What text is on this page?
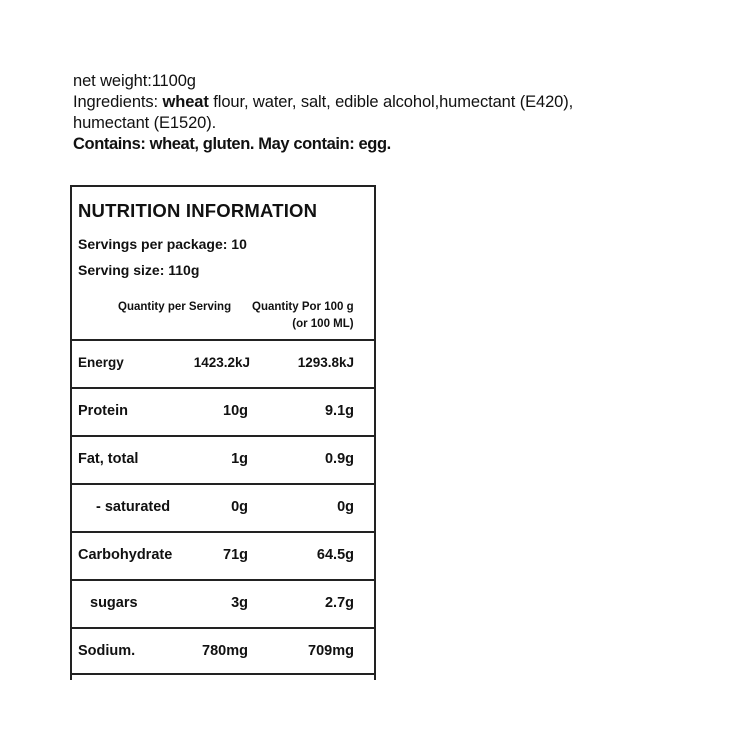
net weight:1100g
Ingredients: wheat flour, water, salt, edible alcohol,humectant (E420),
humectant (E1520).
Contains: wheat, gluten. May contain: egg.
NUTRITION INFORMATION
Servings per package: 10
Serving size: 110g
Quantity per Serving Quantity Por 100 g
(or 100 ML)
Energy	1423.2kJ	1293.8kJ
Protein	10g	9.1g
Fat, total	1g	0.9g
- saturated	0g	0g
Carbohydrate	71g	64.5g
sugars	3g	2.7g
Sodium.	780mg	709mg
